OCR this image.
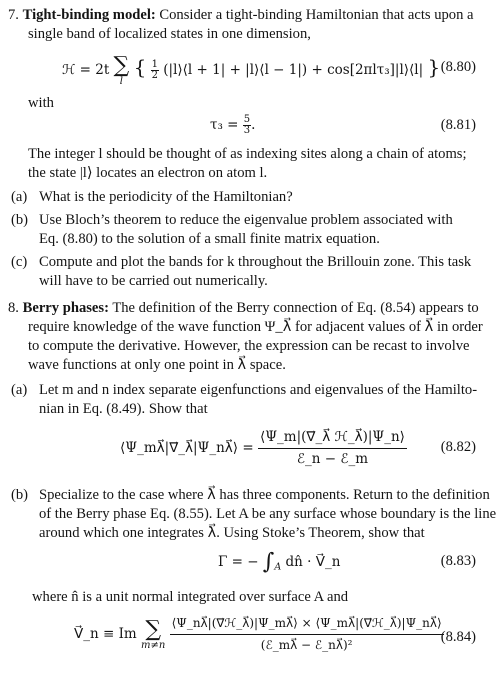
7. Tight-binding model: Consider a tight-binding Hamiltonian that acts upon a
single band of localized states in one dimension,
ℋ = 2t ∑
l
{ $\frac{1}{2}$ (|l⟩⟨l + 1| + |l⟩⟨l − 1|) + cos[2πlτ₃]|l⟩⟨l| } (8.80)
with
$\tau_3 = \frac{5}{3}$ .	(8.81)
The integer l should be thought of as indexing sites along a chain of atoms;
the state |l⟩ locates an electron on atom l.
(a) What is the periodicity of the Hamiltonian?
(b) Use Bloch’s theorem to reduce the eigenvalue problem associated with
Eq. (8.80) to the solution of a small finite matrix equation.
(c) Compute and plot the bands for k throughout the Brillouin zone. This task
will have to be carried out numerically.
8. Berry phases: The definition of the Berry connection of Eq. (8.54) appears to
require knowledge of the wave function Ψ_λ⃗ for adjacent values of λ⃗ in order
to compute the derivative. However, the expression can be recast to involve
wave functions at only one point in λ⃗ space.
(a) Let m and n index separate eigenfunctions and eigenvalues of the Hamilto-
nian in Eq. (8.49). Show that
⟨Ψ_mλ⃗|∇⃗_λ⃗|Ψ_nλ⃗⟩ = $\frac{\text{⟨Ψ\_m|(∇⃗\_λ⃗ ℋ\_λ⃗)|Ψ\_n⟩}}{\text{ℰ\_n − ℰ\_m}} (8.82)$
(b) Specialize to the case where λ⃗ has three components. Return to the definition
of the Berry phase Eq. (8.55). Let A be any surface whose boundary is the line
around which one integrates λ⃗. Using Stoke’s Theorem, show that
Γ = − $\int_A$ dn̂ · V⃗_n	(8.83)
where n̂ is a unit normal integrated over surface A and
V⃗_n ≡ Im ∑
m≠n
$\frac{\text{⟨Ψ\_nλ⃗|(∇⃗ℋ\_λ⃗)|Ψ\_mλ⃗⟩ × ⟨Ψ\_mλ⃗|(∇⃗ℋ\_λ⃗)|Ψ\_nλ⃗⟩}}{\text{(ℰ\_mλ⃗ − ℰ\_nλ⃗)²}}$
(8.84)
